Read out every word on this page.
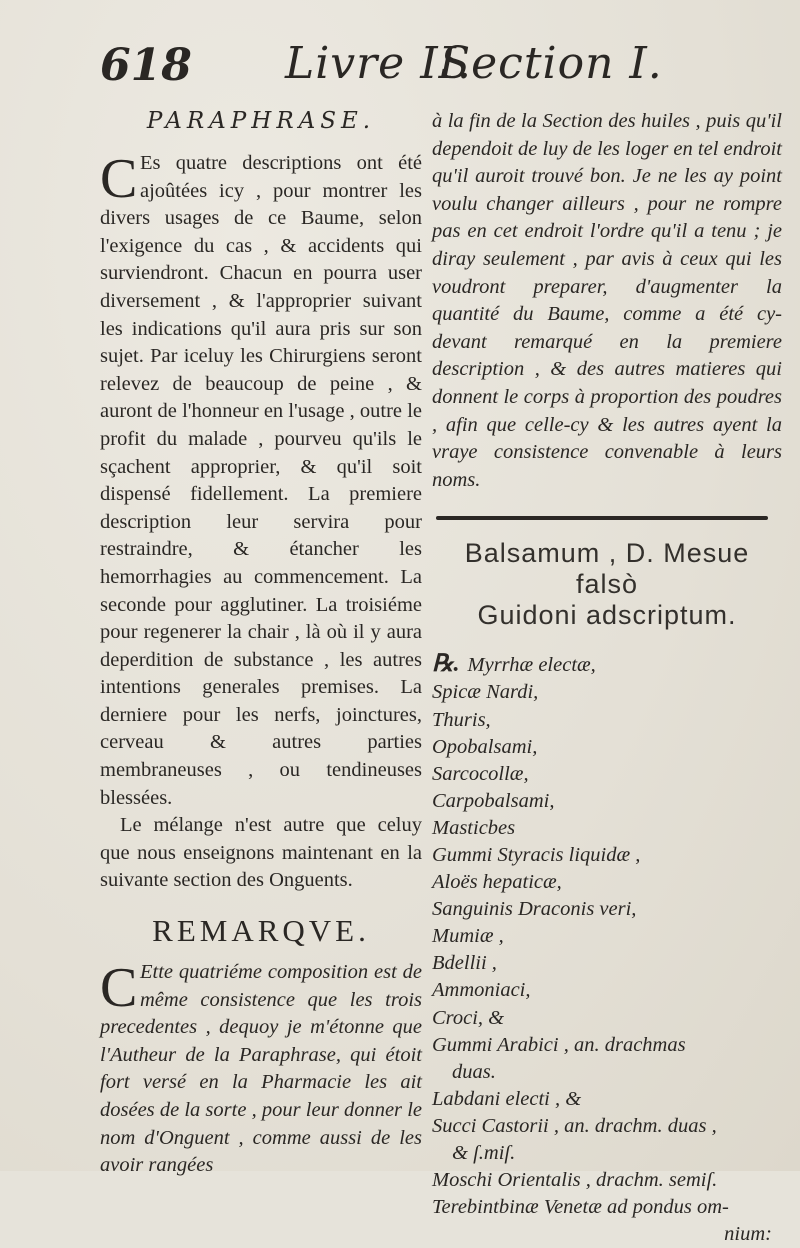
618 Livre II.
Section I.
PARAPHRASE.

C Es quatre descriptions ont été ajoûtées icy , pour montrer les divers usages de ce Baume, selon l'exigence du cas , & accidents qui surviendront. Chacun en pourra user diversement , & l'approprier suivant les indications qu'il aura pris sur son sujet. Par iceluy les Chirurgiens seront relevez de beaucoup de peine , & auront de l'honneur en l'usage , outre le profit du malade , pourveu qu'ils le sçachent approprier, & qu'il soit dispensé fidellement. La premiere description leur servira pour restraindre, & étancher les hemorrhagies au commencement. La seconde pour agglutiner. La troisiéme pour regenerer la chair , là où il y aura deperdition de substance , les autres intentions generales premises. La derniere pour les nerfs, joinctures, cerveau & autres parties membraneuses , ou tendineuses blessées.

Le mélange n'est autre que celuy que nous enseignons maintenant en la suivante section des Onguents.

REMARQVE.

C Ette quatriéme composition est de même consistence que les trois precedentes , dequoy je m'étonne que l'Autheur de la Paraphrase, qui étoit fort versé en la Pharmacie les ait dosées de la sorte , pour leur donner le nom d'Onguent , comme aussi de les avoir rangées

à la fin de la Section des huiles , puis qu'il dependoit de luy de les loger en tel endroit qu'il auroit trouvé bon. Je ne les ay point voulu changer ailleurs , pour ne rompre pas en cet endroit l'ordre qu'il a tenu ; je diray seulement , par avis à ceux qui les voudront preparer, d'augmenter la quantité du Baume, comme a été cy-devant remarqué en la premiere description , & des autres matieres qui donnent le corps à proportion des poudres , afin que celle-cy & les autres ayent la vraye consistence convenable à leurs noms.

Balsamum , D. Mesue falsò
Guidoni adscriptum.
℞. Myrrhæ electæ,
Spicæ Nardi,
Thuris,
Opobalsami,
Sarcocollæ,
Carpobalsami,
Masticbes
Gummi Styracis liquidæ ,
Aloës hepaticæ,
Sanguinis Draconis veri,
Mumiæ ,
Bdellii ,
Ammoniaci,
Croci, &
Gummi Arabici , an. drachmas
duas.
Labdani electi , &
Succi Castorii , an. drachm. duas ,
& ſ.miſ.
Moschi Orientalis , drachm. semiſ.
Terebintbinæ Venetæ ad pondus om-
nium:
